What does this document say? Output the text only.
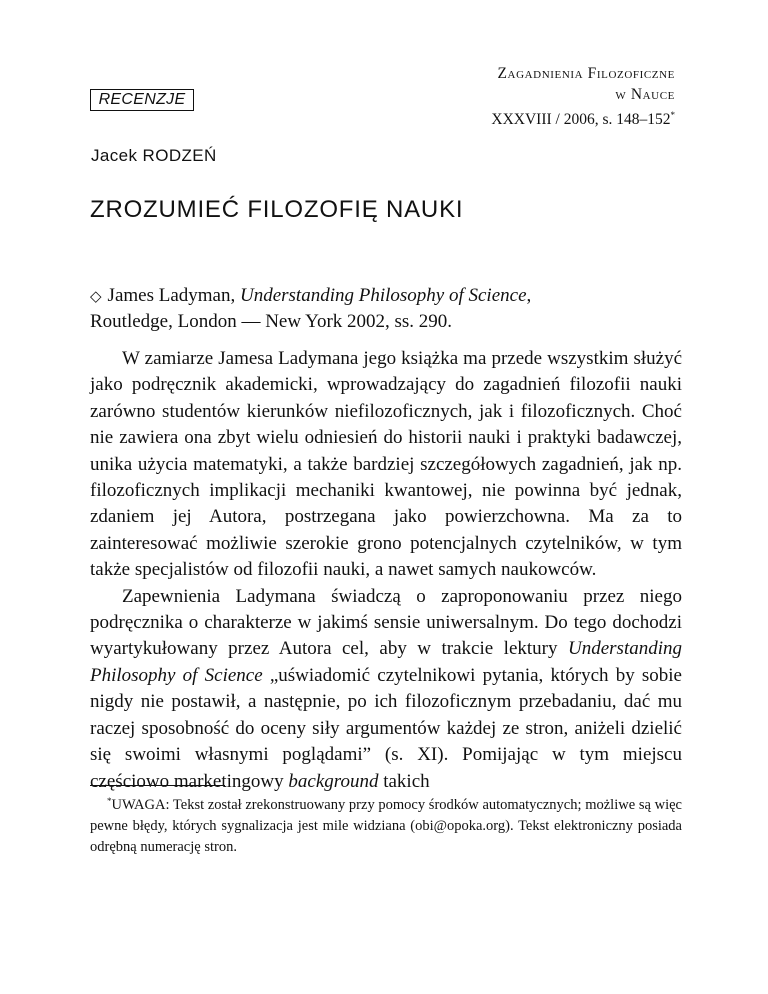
RECENZJE
Zagadnienia Filozoficzne
w Nauce
XXXVIII / 2006, s. 148–152*
Jacek RODZEŃ
ZROZUMIEĆ FILOZOFIĘ NAUKI
◇ James Ladyman, Understanding Philosophy of Science,
Routledge, London — New York 2002, ss. 290.

W zamiarze Jamesa Ladymana jego książka ma przede wszystkim służyć jako podręcznik akademicki, wprowadzający do zagadnień filozofii nauki zarówno studentów kierunków niefilozoficznych, jak i filozoficznych. Choć nie zawiera ona zbyt wielu odniesień do historii nauki i praktyki badawczej, unika użycia matematyki, a także bardziej szczegółowych zagadnień, jak np. filozoficznych implikacji mechaniki kwantowej, nie powinna być jednak, zdaniem jej Autora, postrzegana jako powierzchowna. Ma za to zainteresować możliwie szerokie grono potencjalnych czytelników, w tym także specjalistów od filozofii nauki, a nawet samych naukowców.

Zapewnienia Ladymana świadczą o zaproponowaniu przez niego podręcznika o charakterze w jakimś sensie uniwersalnym. Do tego dochodzi wyartykułowany przez Autora cel, aby w trakcie lektury Understanding Philosophy of Science „uświadomić czytelnikowi pytania, których by sobie nigdy nie postawił, a następnie, po ich filozoficznym przebadaniu, dać mu raczej sposobność do oceny siły argumentów każdej ze stron, aniżeli dzielić się swoimi własnymi poglądami” (s. XI). Pomijając w tym miejscu częściowo marketingowy background takich

*UWAGA: Tekst został zrekonstruowany przy pomocy środków automatycznych; możliwe są więc pewne błędy, których sygnalizacja jest mile widziana (obi@opoka.org). Tekst elektroniczny posiada odrębną numerację stron.
